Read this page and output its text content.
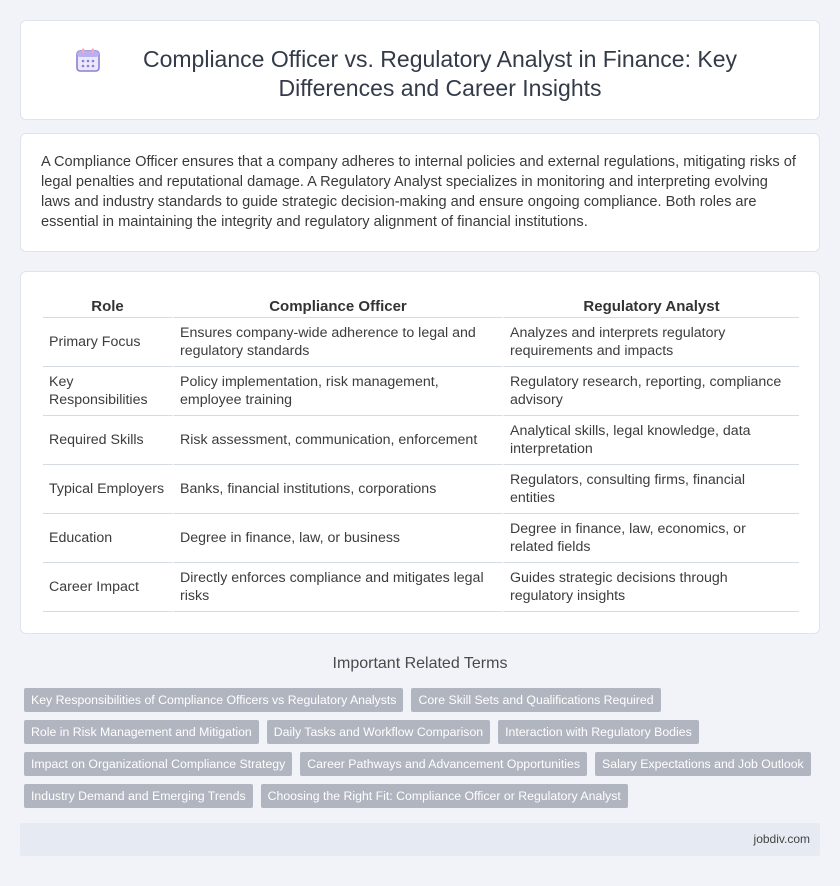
Compliance Officer vs. Regulatory Analyst in Finance: Key Differences and Career Insights

A Compliance Officer ensures that a company adheres to internal policies and external regulations, mitigating risks of legal penalties and reputational damage. A Regulatory Analyst specializes in monitoring and interpreting evolving laws and industry standards to guide strategic decision-making and ensure ongoing compliance. Both roles are essential in maintaining the integrity and regulatory alignment of financial institutions.

Role	Compliance Officer	Regulatory Analyst
Primary Focus	Ensures company-wide adherence to legal and regulatory standards	Analyzes and interprets regulatory requirements and impacts
Key Responsibilities	Policy implementation, risk management, employee training	Regulatory research, reporting, compliance advisory
Required Skills	Risk assessment, communication, enforcement	Analytical skills, legal knowledge, data interpretation
Typical Employers	Banks, financial institutions, corporations	Regulators, consulting firms, financial entities
Education	Degree in finance, law, or business	Degree in finance, law, economics, or related fields
Career Impact	Directly enforces compliance and mitigates legal risks	Guides strategic decisions through regulatory insights
Important Related Terms
Key Responsibilities of Compliance Officers vs Regulatory Analysts	Core Skill Sets and Qualifications Required
Role in Risk Management and Mitigation	Daily Tasks and Workflow Comparison	Interaction with Regulatory Bodies
Impact on Organizational Compliance Strategy	Career Pathways and Advancement Opportunities	Salary Expectations and Job Outlook
Industry Demand and Emerging Trends	Choosing the Right Fit: Compliance Officer or Regulatory Analyst
jobdiv.com
